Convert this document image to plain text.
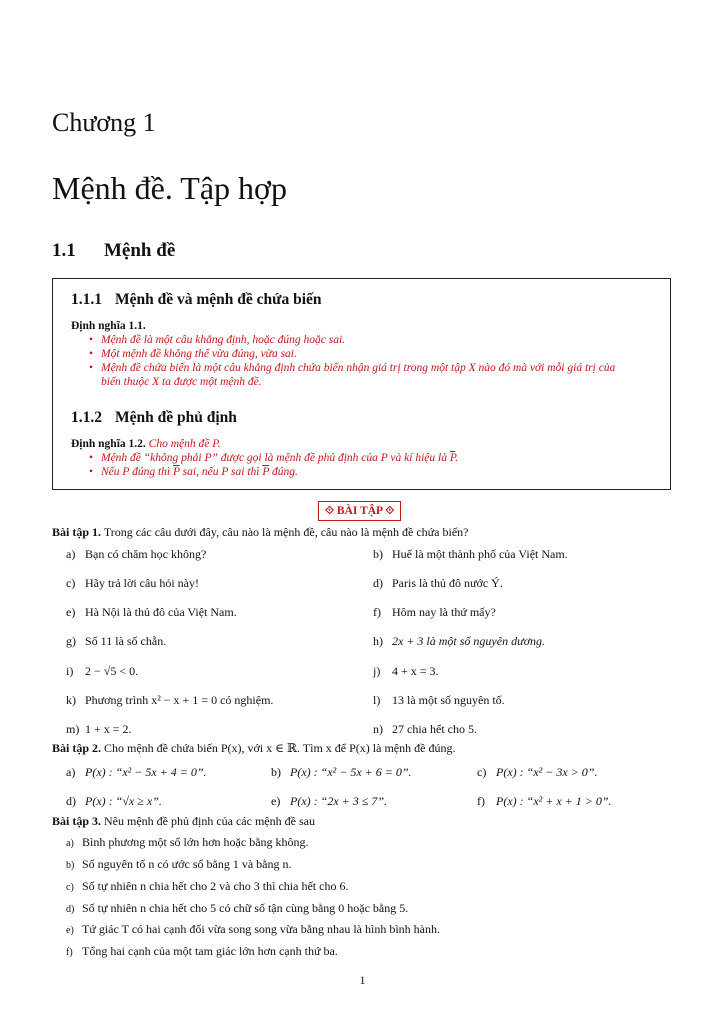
Chương 1
Mệnh đề. Tập hợp
1.1 Mệnh đề
1.1.1 Mệnh đề và mệnh đề chứa biến
Định nghĩa 1.1.
• Mệnh đề là một câu khẳng định, hoặc đúng hoặc sai.
• Một mệnh đề không thể vừa đúng, vừa sai.
• Mệnh đề chứa biến là một câu khẳng định chứa biến nhận giá trị trong một tập X nào đó mà với mỗi giá trị của
biến thuộc X ta được một mệnh đề.
1.1.2 Mệnh đề phủ định
Định nghĩa 1.2. Cho mệnh đề P.
• Mệnh đề “không phải P” được gọi là mệnh đề phủ định của P và kí hiệu là $\overline{P}$.
• Nếu P đúng thì $\overline{P}$ sai, nếu P sai thì $\overline{P}$ đúng.
⟐ BÀI TẬP ⟐
Bài tập 1. Trong các câu dưới đây, câu nào là mệnh đề, câu nào là mệnh đề chứa biến?
a) Bạn có chăm học không?	b) Huế là một thành phố của Việt Nam.
c) Hãy trả lời câu hỏi này!	d) Paris là thủ đô nước Ý.
e) Hà Nội là thủ đô của Việt Nam.	f) Hôm nay là thứ mấy?
g) Số 11 là số chẵn.	h) 2x + 3 là một số nguyên dương.
i) 2 − √5 < 0.	j) 4 + x = 3.
k) Phương trình x² − x + 1 = 0 có nghiệm.	l) 13 là một số nguyên tố.
m) 1 + x = 2.	n) 27 chia hết cho 5.
Bài tập 2. Cho mệnh đề chứa biến P(x), với x ∈ ℝ. Tìm x để P(x) là mệnh đề đúng.
a) P(x) : “x² − 5x + 4 = 0”.	b) P(x) : “x² − 5x + 6 = 0”.	c) P(x) : “x² − 3x > 0”.
d) P(x) : “√x ≥ x”.	e) P(x) : “2x + 3 ≤ 7”.	f) P(x) : “x² + x + 1 > 0”.
Bài tập 3. Nêu mệnh đề phủ định của các mệnh đề sau
a) Bình phương một số lớn hơn hoặc bằng không.
b) Số nguyên tố n có ước số bằng 1 và bằng n.
c) Số tự nhiên n chia hết cho 2 và cho 3 thì chia hết cho 6.
d) Số tự nhiên n chia hết cho 5 có chữ số tận cùng bằng 0 hoặc bằng 5.
e) Tứ giác T có hai cạnh đối vừa song song vừa bằng nhau là hình bình hành.
f) Tổng hai cạnh của một tam giác lớn hơn cạnh thứ ba.
1
